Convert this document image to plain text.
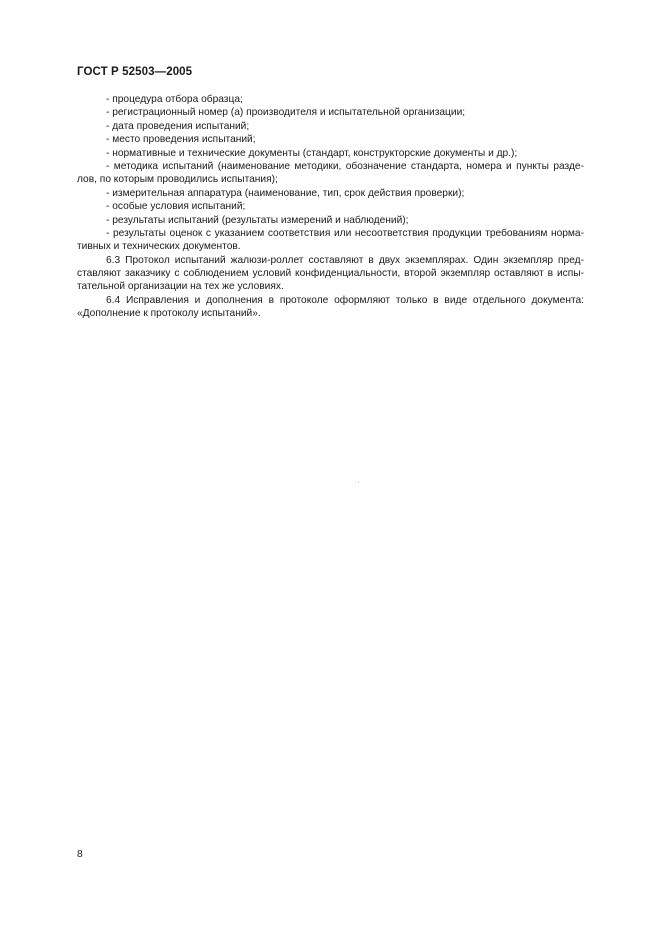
ГОСТ Р 52503—2005
- процедура отбора образца;
- регистрационный номер (а) производителя и испытательной организации;
- дата проведения испытаний;
- место проведения испытаний;
- нормативные и технические документы (стандарт, конструкторские документы и др.);
- методика испытаний (наименование методики, обозначение стандарта, номера и пункты разде-
лов, по которым проводились испытания);
- измерительная аппаратура (наименование, тип, срок действия проверки);
- особые условия испытаний;
- результаты испытаний (результаты измерений и наблюдений);
- результаты оценок с указанием соответствия или несоответствия продукции требованиям норма-
тивных и технических документов.
6.3 Протокол испытаний жалюзи-роллет составляют в двух экземплярах. Один экземпляр пред-
ставляют заказчику с соблюдением условий конфиденциальности, второй экземпляр оставляют в испы-
тательной организации на тех же условиях.
6.4 Исправления и дополнения в протоколе оформляют только в виде отдельного документа:
«Дополнение к протоколу испытаний».
8
